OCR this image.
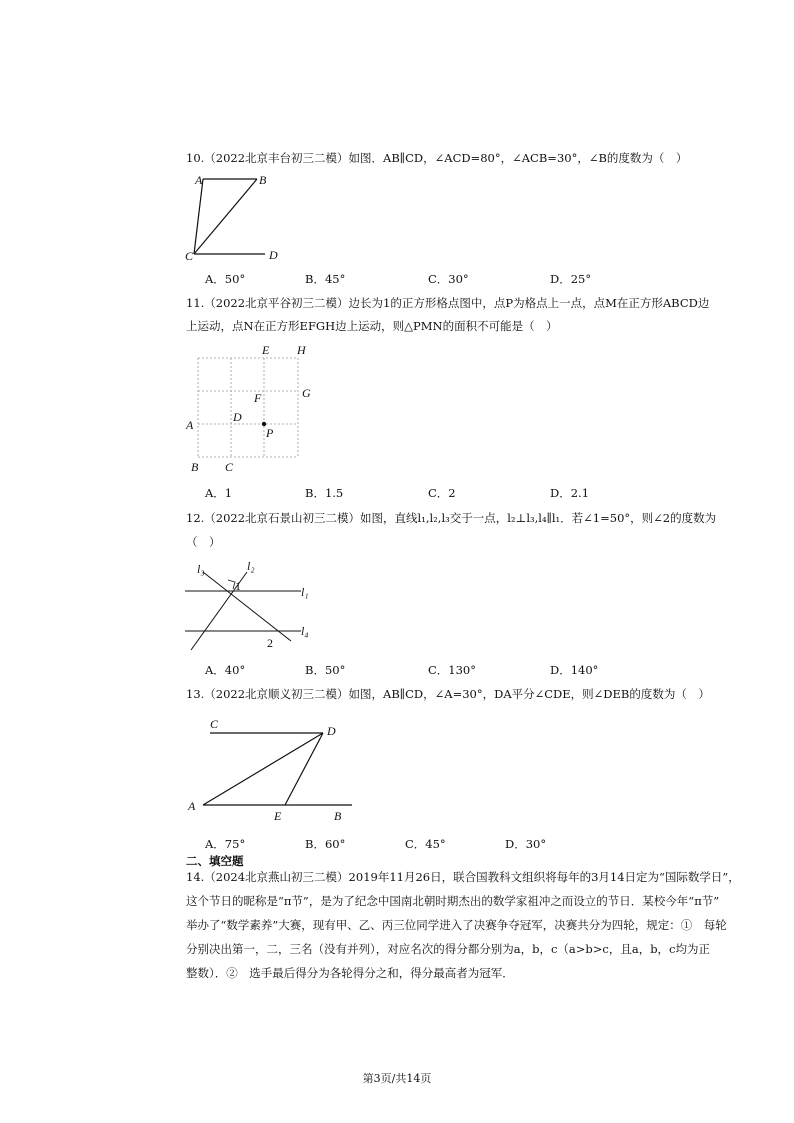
10.（2022北京丰台初三二模）如图．AB∥CD，∠ACD=80°，∠ACB=30°，∠B的度数为（　）
A	B
C	D
A．50°	B．45°	C．30°	D．25°
11.（2022北京平谷初三二模）边长为1的正方形格点图中，点P为格点上一点，点M在正方形ABCD边
上运动，点N在正方形EFGH边上运动，则△PMN的面积不可能是（　）
E H
G
F
D
P
A
B C
A．1	B．1.5	C．2	D．2.1
12.（2022北京石景山初三二模）如图，直线l₁,l₂,l₃交于一点，l₂⊥l₃,l₄∥l₁．若∠1=50°，则∠2的度数为
（　）
l₃	l₂
l₁
l₄
1
2
A．40°	B．50°	C．130°	D．140°
13.（2022北京顺义初三二模）如图，AB∥CD，∠A=30°，DA平分∠CDE，则∠DEB的度数为（　）
C	D
A
E	B
A．75°	B．60°	C．45°	D．30°
二、填空题
14.（2024北京燕山初三二模）2019年11月26日，联合国教科文组织将每年的3月14日定为“国际数学日”，
这个节日的昵称是“π节”，是为了纪念中国南北朝时期杰出的数学家祖冲之而设立的节日．某校今年“π节”
举办了“数学素养”大赛，现有甲、乙、丙三位同学进入了决赛争夺冠军，决赛共分为四轮，规定：①　每轮
分别决出第一，二，三名（没有并列），对应名次的得分都分别为a，b，c（a>b>c，且a，b，c均为正
整数）．②　选手最后得分为各轮得分之和，得分最高者为冠军．
第3页/共14页
